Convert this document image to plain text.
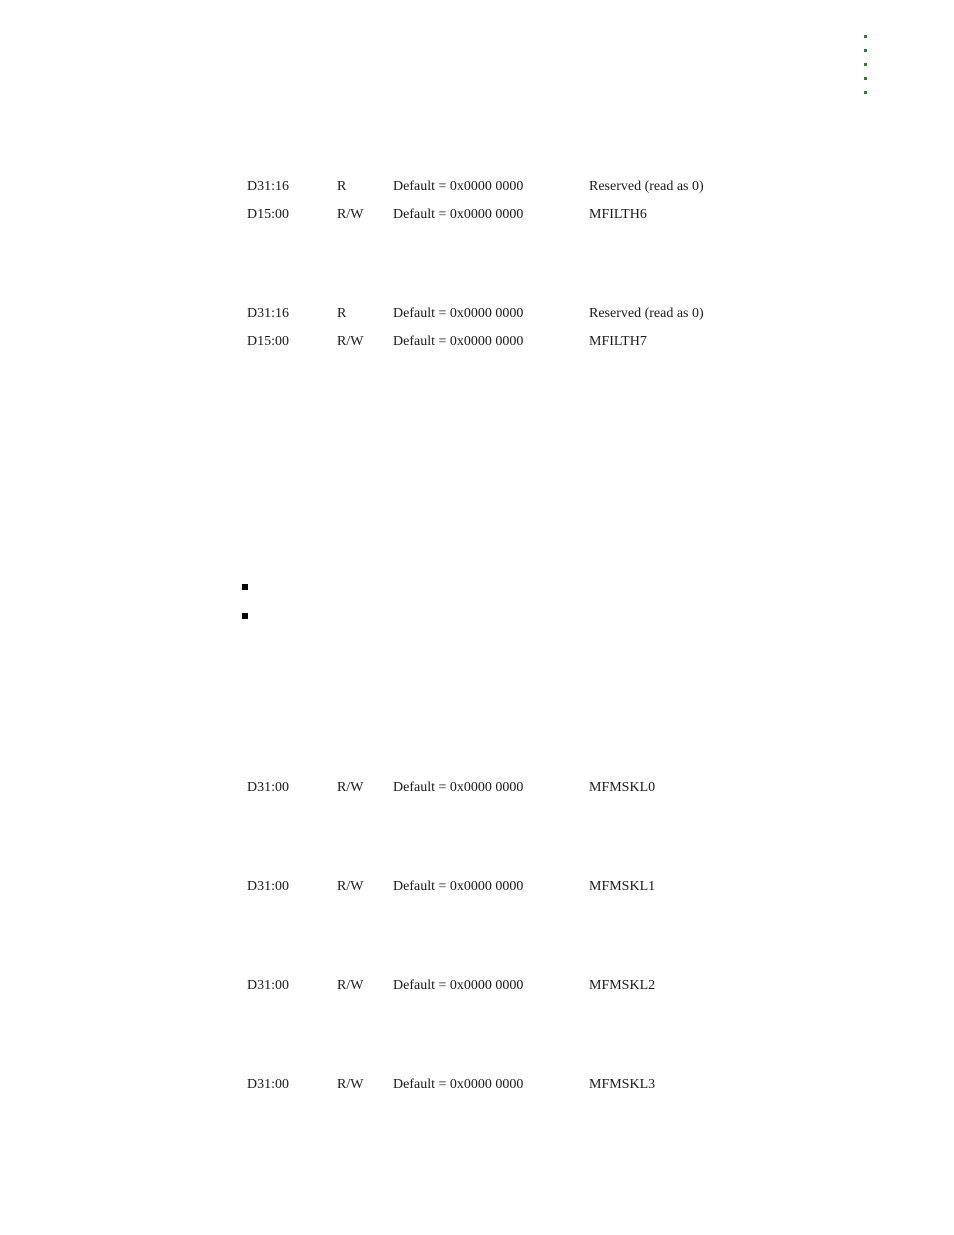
D31:16	R	Default = 0x0000 0000	Reserved (read as 0)
D15:00	R/W Default = 0x0000 0000	MFILTH6
D31:16	R	Default = 0x0000 0000	Reserved (read as 0)
D15:00	R/W Default = 0x0000 0000	MFILTH7
D31:00	R/W Default = 0x0000 0000	MFMSKL0
D31:00	R/W Default = 0x0000 0000	MFMSKL1
D31:00	R/W Default = 0x0000 0000	MFMSKL2
D31:00	R/W Default = 0x0000 0000	MFMSKL3
